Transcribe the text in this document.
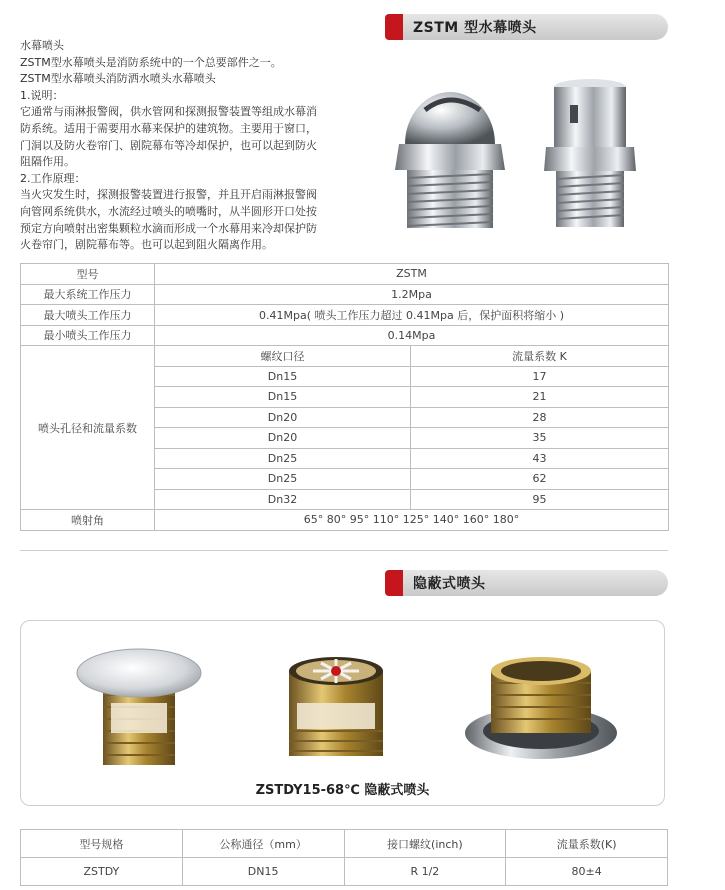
ZSTM 型水幕喷头
水幕喷头
ZSTM型水幕喷头是消防系统中的一个总要部件之一。
ZSTM型水幕喷头消防洒水喷头水幕喷头
1.说明：
它通常与雨淋报警阀，供水管网和探测报警装置等组成水幕消
防系统。适用于需要用水幕来保护的建筑物。主要用于窗口，
门洞以及防火卷帘门、剧院幕布等冷却保护，也可以起到防火
阻隔作用。
2.工作原理：
当火灾发生时，探测报警装置进行报警，并且开启雨淋报警阀
向管网系统供水，水流经过喷头的喷嘴时，从半圆形开口处按
预定方向喷射出密集颗粒水滴而形成一个水幕用来冷却保护防
火卷帘门，剧院幕布等。也可以起到阻火隔离作用。
型号	ZSTM	
最大系统工作压力	1.2Mpa	
最大喷头工作压力	0.41Mpa( 喷头工作压力超过 0.41Mpa 后，保护面积将缩小 )	
最小喷头工作压力	0.14Mpa	
喷头孔径和流量系数	螺纹口径	流量系数 K
	Dn15	17
	Dn15	21
	Dn20	28
	Dn20	35
	Dn25	43
	Dn25	62
	Dn32	95
喷射角	65° 80° 95° 110° 125° 140° 160° 180°	
隐蔽式喷头
ZSTDY15-68℃ 隐蔽式喷头
型号规格	公称通径（mm）	接口螺纹(inch)	流量系数(K)
ZSTDY	DN15	R 1/2	80±4
